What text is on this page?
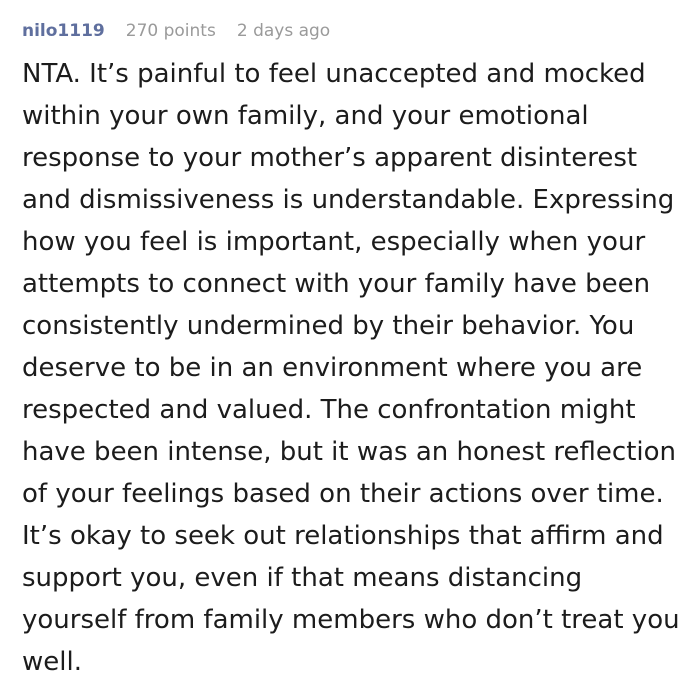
nilo1119 270 points 2 days ago

NTA. It’s painful to feel unaccepted and mocked within your own family, and your emotional response to your mother’s apparent disinterest and dismissiveness is understandable. Expressing how you feel is important, especially when your attempts to connect with your family have been consistently undermined by their behavior. You deserve to be in an environment where you are respected and valued. The confrontation might have been intense, but it was an honest reflection of your feelings based on their actions over time. It’s okay to seek out relationships that affirm and support you, even if that means distancing yourself from family members who don’t treat you well.
